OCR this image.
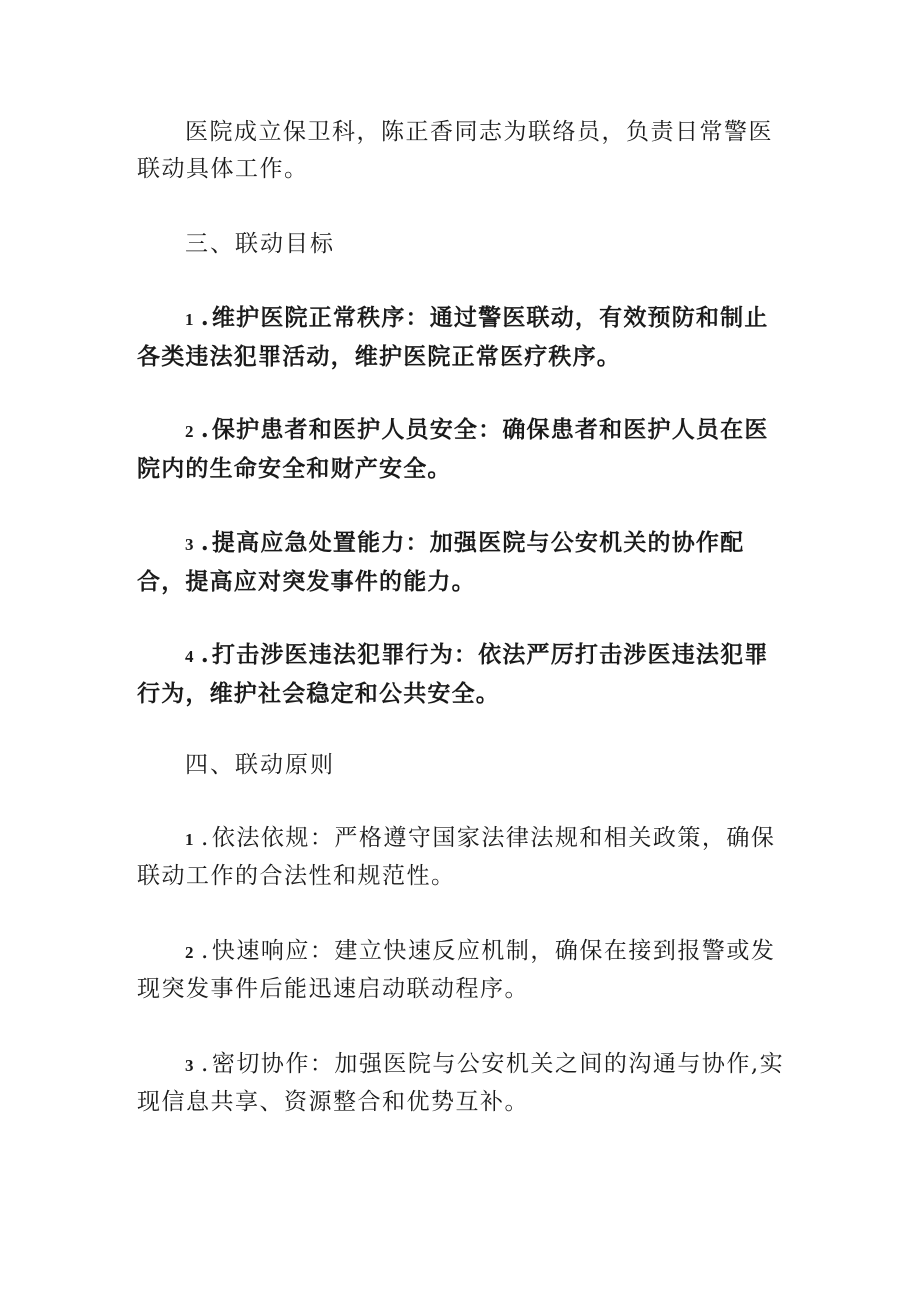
医院成立保卫科，陈正香同志为联络员，负责日常警医联动具体工作。

三、联动目标

1 .维护医院正常秩序：通过警医联动，有效预防和制止各类违法犯罪活动，维护医院正常医疗秩序。

2 .保护患者和医护人员安全：确保患者和医护人员在医院内的生命安全和财产安全。

3 .提高应急处置能力：加强医院与公安机关的协作配合，提高应对突发事件的能力。

4 .打击涉医违法犯罪行为：依法严厉打击涉医违法犯罪行为，维护社会稳定和公共安全。

四、联动原则

1 .依法依规：严格遵守国家法律法规和相关政策，确保联动工作的合法性和规范性。

2 .快速响应：建立快速反应机制，确保在接到报警或发现突发事件后能迅速启动联动程序。

3 .密切协作：加强医院与公安机关之间的沟通与协作,实现信息共享、资源整合和优势互补。
